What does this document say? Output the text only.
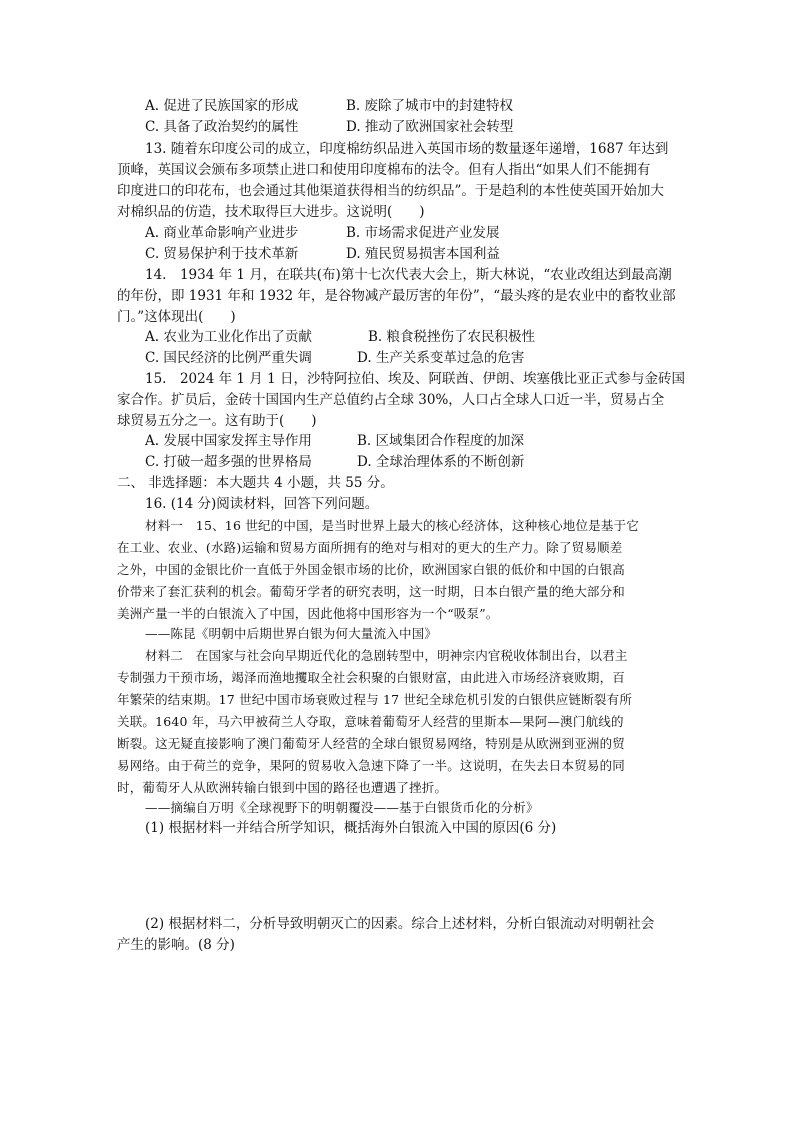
A. 促进了民族国家的形成	B. 废除了城市中的封建特权
C. 具备了政治契约的属性	D. 推动了欧洲国家社会转型
13. 随着东印度公司的成立，印度棉纺织品进入英国市场的数量逐年递增，1687 年达到
顶峰，英国议会颁布多项禁止进口和使用印度棉布的法令。但有人指出“如果人们不能拥有
印度进口的印花布，也会通过其他渠道获得相当的纺织品”。于是趋利的本性使英国开始加大
对棉织品的仿造，技术取得巨大进步。这说明(　　)
A. 商业革命影响产业进步	B. 市场需求促进产业发展
C. 贸易保护利于技术革新	D. 殖民贸易损害本国利益
14.　1934 年 1 月，在联共(布)第十七次代表大会上，斯大林说，“农业改组达到最高潮
的年份，即 1931 年和 1932 年，是谷物减产最厉害的年份”，“最头疼的是农业中的畜牧业部
门。”这体现出(　　)
A. 农业为工业化作出了贡献	B. 粮食税挫伤了农民积极性
C. 国民经济的比例严重失调	D. 生产关系变革过急的危害
15.　2024 年 1 月 1 日，沙特阿拉伯、埃及、阿联酋、伊朗、埃塞俄比亚正式参与金砖国
家合作。扩员后，金砖十国国内生产总值约占全球 30%，人口占全球人口近一半，贸易占全
球贸易五分之一。这有助于(　　)
A. 发展中国家发挥主导作用	B. 区域集团合作程度的加深
C. 打破一超多强的世界格局	D. 全球治理体系的不断创新
二、 非选择题：本大题共 4 小题，共 55 分。
16. (14 分)阅读材料，回答下列问题。
材料一　15、16 世纪的中国，是当时世界上最大的核心经济体，这种核心地位是基于它
在工业、农业、(水路)运输和贸易方面所拥有的绝对与相对的更大的生产力。除了贸易顺差
之外，中国的金银比价一直低于外国金银市场的比价，欧洲国家白银的低价和中国的白银高
价带来了套汇获利的机会。葡萄牙学者的研究表明，这一时期，日本白银产量的绝大部分和
美洲产量一半的白银流入了中国，因此他将中国形容为一个“吸泵”。
——陈昆《明朝中后期世界白银为何大量流入中国》
材料二　在国家与社会向早期近代化的急剧转型中，明神宗内官税收体制出台，以君主
专制强力干预市场，竭泽而渔地攫取全社会积聚的白银财富，由此进入市场经济衰败期，百
年繁荣的结束期。17 世纪中国市场衰败过程与 17 世纪全球危机引发的白银供应链断裂有所
关联。1640 年，马六甲被荷兰人夺取，意味着葡萄牙人经营的里斯本—果阿—澳门航线的
断裂。这无疑直接影响了澳门葡萄牙人经营的全球白银贸易网络，特别是从欧洲到亚洲的贸
易网络。由于荷兰的竞争，果阿的贸易收入急速下降了一半。这说明，在失去日本贸易的同
时，葡萄牙人从欧洲转输白银到中国的路径也遭遇了挫折。
——摘编自万明《全球视野下的明朝覆没——基于白银货币化的分析》
(1) 根据材料一并结合所学知识，概括海外白银流入中国的原因(6 分)
(2) 根据材料二，分析导致明朝灭亡的因素。综合上述材料，分析白银流动对明朝社会
产生的影响。(8 分)
